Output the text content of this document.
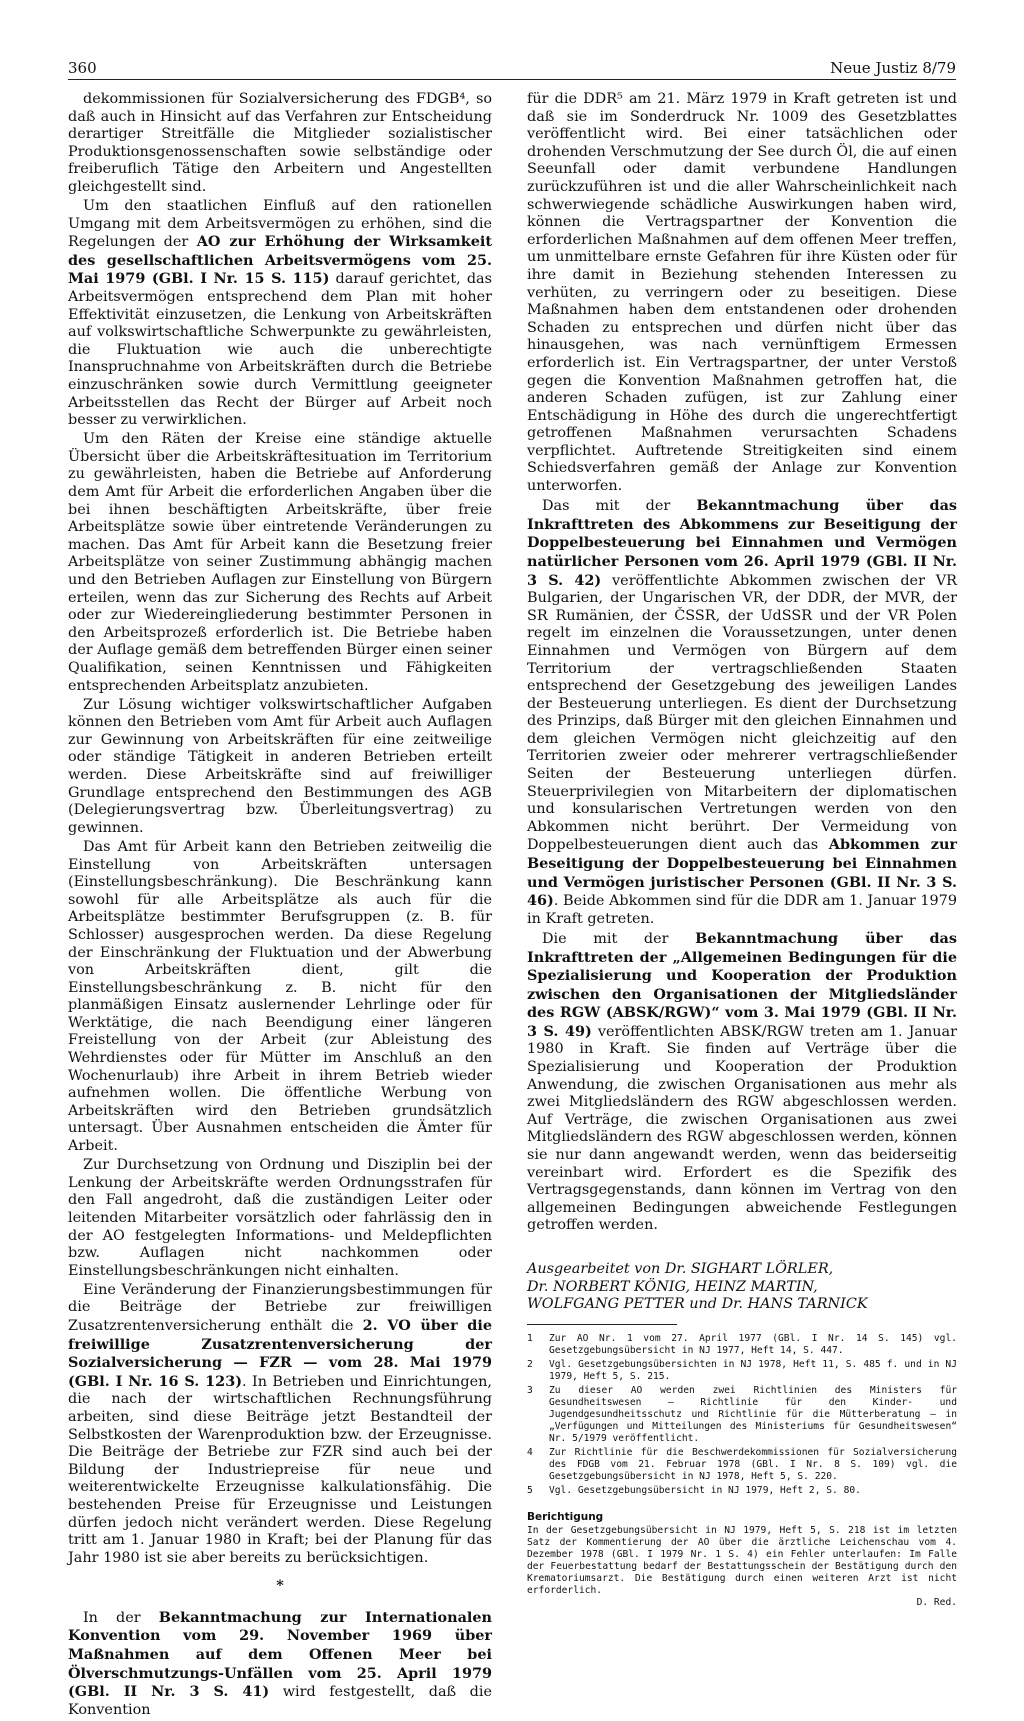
360	Neue Justiz 8/79

dekommissionen für Sozialversicherung des FDGB⁴, so daß auch in Hinsicht auf das Verfahren zur Entscheidung derartiger Streitfälle die Mitglieder sozialistischer Produktionsgenossenschaften sowie selbständige oder freiberuflich Tätige den Arbeitern und Angestellten gleichgestellt sind.

Um den staatlichen Einfluß auf den rationellen Umgang mit dem Arbeitsvermögen zu erhöhen, sind die Regelungen der AO zur Erhöhung der Wirksamkeit des gesellschaftlichen Arbeitsvermögens vom 25. Mai 1979 (GBl. I Nr. 15 S. 115) darauf gerichtet, das Arbeitsvermögen entsprechend dem Plan mit hoher Effektivität einzusetzen, die Lenkung von Arbeitskräften auf volkswirtschaftliche Schwerpunkte zu gewährleisten, die Fluktuation wie auch die unberechtigte Inanspruchnahme von Arbeitskräften durch die Betriebe einzuschränken sowie durch Vermittlung geeigneter Arbeitsstellen das Recht der Bürger auf Arbeit noch besser zu verwirklichen.

Um den Räten der Kreise eine ständige aktuelle Übersicht über die Arbeitskräftesituation im Territorium zu gewährleisten, haben die Betriebe auf Anforderung dem Amt für Arbeit die erforderlichen Angaben über die bei ihnen beschäftigten Arbeitskräfte, über freie Arbeitsplätze sowie über eintretende Veränderungen zu machen. Das Amt für Arbeit kann die Besetzung freier Arbeitsplätze von seiner Zustimmung abhängig machen und den Betrieben Auflagen zur Einstellung von Bürgern erteilen, wenn das zur Sicherung des Rechts auf Arbeit oder zur Wiedereingliederung bestimmter Personen in den Arbeitsprozeß erforderlich ist. Die Betriebe haben der Auflage gemäß dem betreffenden Bürger einen seiner Qualifikation, seinen Kenntnissen und Fähigkeiten entsprechenden Arbeitsplatz anzubieten.

Zur Lösung wichtiger volkswirtschaftlicher Aufgaben können den Betrieben vom Amt für Arbeit auch Auflagen zur Gewinnung von Arbeitskräften für eine zeitweilige oder ständige Tätigkeit in anderen Betrieben erteilt werden. Diese Arbeitskräfte sind auf freiwilliger Grundlage entsprechend den Bestimmungen des AGB (Delegierungsvertrag bzw. Überleitungsvertrag) zu gewinnen.

Das Amt für Arbeit kann den Betrieben zeitweilig die Einstellung von Arbeitskräften untersagen (Einstellungsbeschränkung). Die Beschränkung kann sowohl für alle Arbeitsplätze als auch für die Arbeitsplätze bestimmter Berufsgruppen (z. B. für Schlosser) ausgesprochen werden. Da diese Regelung der Einschränkung der Fluktuation und der Abwerbung von Arbeitskräften dient, gilt die Einstellungsbeschränkung z. B. nicht für den planmäßigen Einsatz auslernender Lehrlinge oder für Werktätige, die nach Beendigung einer längeren Freistellung von der Arbeit (zur Ableistung des Wehrdienstes oder für Mütter im Anschluß an den Wochenurlaub) ihre Arbeit in ihrem Betrieb wieder aufnehmen wollen. Die öffentliche Werbung von Arbeitskräften wird den Betrieben grundsätzlich untersagt. Über Ausnahmen entscheiden die Ämter für Arbeit.

Zur Durchsetzung von Ordnung und Disziplin bei der Lenkung der Arbeitskräfte werden Ordnungsstrafen für den Fall angedroht, daß die zuständigen Leiter oder leitenden Mitarbeiter vorsätzlich oder fahrlässig den in der AO festgelegten Informations- und Meldepflichten bzw. Auflagen nicht nachkommen oder Einstellungsbeschränkungen nicht einhalten.

Eine Veränderung der Finanzierungsbestimmungen für die Beiträge der Betriebe zur freiwilligen Zusatzrentenversicherung enthält die 2. VO über die freiwillige Zusatzrentenversicherung der Sozialversicherung — FZR — vom 28. Mai 1979 (GBl. I Nr. 16 S. 123). In Betrieben und Einrichtungen, die nach der wirtschaftlichen Rechnungsführung arbeiten, sind diese Beiträge jetzt Bestandteil der Selbstkosten der Warenproduktion bzw. der Erzeugnisse. Die Beiträge der Betriebe zur FZR sind auch bei der Bildung der Industriepreise für neue und weiterentwickelte Erzeugnisse kalkulationsfähig. Die bestehenden Preise für Erzeugnisse und Leistungen dürfen jedoch nicht verändert werden. Diese Regelung tritt am 1. Januar 1980 in Kraft; bei der Planung für das Jahr 1980 ist sie aber bereits zu berücksichtigen.

*

In der Bekanntmachung zur Internationalen Konvention vom 29. November 1969 über Maßnahmen auf dem Offenen Meer bei Ölverschmutzungs-Unfällen vom 25. April 1979 (GBl. II Nr. 3 S. 41) wird festgestellt, daß die Konvention

für die DDR⁵ am 21. März 1979 in Kraft getreten ist und daß sie im Sonderdruck Nr. 1009 des Gesetzblattes veröffentlicht wird. Bei einer tatsächlichen oder drohenden Verschmutzung der See durch Öl, die auf einen Seeunfall oder damit verbundene Handlungen zurückzuführen ist und die aller Wahrscheinlichkeit nach schwerwiegende schädliche Auswirkungen haben wird, können die Vertragspartner der Konvention die erforderlichen Maßnahmen auf dem offenen Meer treffen, um unmittelbare ernste Gefahren für ihre Küsten oder für ihre damit in Beziehung stehenden Interessen zu verhüten, zu verringern oder zu beseitigen. Diese Maßnahmen haben dem entstandenen oder drohenden Schaden zu entsprechen und dürfen nicht über das hinausgehen, was nach vernünftigem Ermessen erforderlich ist. Ein Vertragspartner, der unter Verstoß gegen die Konvention Maßnahmen getroffen hat, die anderen Schaden zufügen, ist zur Zahlung einer Entschädigung in Höhe des durch die ungerechtfertigt getroffenen Maßnahmen verursachten Schadens verpflichtet. Auftretende Streitigkeiten sind einem Schiedsverfahren gemäß der Anlage zur Konvention unterworfen.

Das mit der Bekanntmachung über das Inkrafttreten des Abkommens zur Beseitigung der Doppelbesteuerung bei Einnahmen und Vermögen natürlicher Personen vom 26. April 1979 (GBl. II Nr. 3 S. 42) veröffentlichte Abkommen zwischen der VR Bulgarien, der Ungarischen VR, der DDR, der MVR, der SR Rumänien, der ČSSR, der UdSSR und der VR Polen regelt im einzelnen die Voraussetzungen, unter denen Einnahmen und Vermögen von Bürgern auf dem Territorium der vertragschließenden Staaten entsprechend der Gesetzgebung des jeweiligen Landes der Besteuerung unterliegen. Es dient der Durchsetzung des Prinzips, daß Bürger mit den gleichen Einnahmen und dem gleichen Vermögen nicht gleichzeitig auf den Territorien zweier oder mehrerer vertragschließender Seiten der Besteuerung unterliegen dürfen. Steuerprivilegien von Mitarbeitern der diplomatischen und konsularischen Vertretungen werden von den Abkommen nicht berührt. Der Vermeidung von Doppelbesteuerungen dient auch das Abkommen zur Beseitigung der Doppelbesteuerung bei Einnahmen und Vermögen juristischer Personen (GBl. II Nr. 3 S. 46). Beide Abkommen sind für die DDR am 1. Januar 1979 in Kraft getreten.

Die mit der Bekanntmachung über das Inkrafttreten der „Allgemeinen Bedingungen für die Spezialisierung und Kooperation der Produktion zwischen den Organisationen der Mitgliedsländer des RGW (ABSK/RGW)“ vom 3. Mai 1979 (GBl. II Nr. 3 S. 49) veröffentlichten ABSK/RGW treten am 1. Januar 1980 in Kraft. Sie finden auf Verträge über die Spezialisierung und Kooperation der Produktion Anwendung, die zwischen Organisationen aus mehr als zwei Mitgliedsländern des RGW abgeschlossen werden. Auf Verträge, die zwischen Organisationen aus zwei Mitgliedsländern des RGW abgeschlossen werden, können sie nur dann angewandt werden, wenn das beiderseitig vereinbart wird. Erfordert es die Spezifik des Vertragsgegenstands, dann können im Vertrag von den allgemeinen Bedingungen abweichende Festlegungen getroffen werden.

Ausgearbeitet von Dr. SIGHART LÖRLER,

Dr. NORBERT KÖNIG, HEINZ MARTIN,

WOLFGANG PETTER und Dr. HANS TARNICK

1	Zur AO Nr. 1 vom 27. April 1977 (GBl. I Nr. 14 S. 145) vgl. Gesetzgebungsübersicht in NJ 1977, Heft 14, S. 447.
2	Vgl. Gesetzgebungsübersichten in NJ 1978, Heft 11, S. 485 f. und in NJ 1979, Heft 5, S. 215.
3	Zu dieser AO werden zwei Richtlinien des Ministers für Gesundheitswesen — Richtlinie für den Kinder- und Jugendgesundheitsschutz und Richtlinie für die Mütterberatung — in „Verfügungen und Mitteilungen des Ministeriums für Gesundheitswesen“ Nr. 5/1979 veröffentlicht.
4	Zur Richtlinie für die Beschwerdekommissionen für Sozialversicherung des FDGB vom 21. Februar 1978 (GBl. I Nr. 8 S. 109) vgl. die Gesetzgebungsübersicht in NJ 1978, Heft 5, S. 220.
5	Vgl. Gesetzgebungsübersicht in NJ 1979, Heft 2, S. 80.
Berichtigung
In der Gesetzgebungsübersicht in NJ 1979, Heft 5, S. 218 ist im letzten Satz der Kommentierung der AO über die ärztliche Leichenschau vom 4. Dezember 1978 (GBl. I 1979 Nr. 1 S. 4) ein Fehler unterlaufen: Im Falle der Feuerbestattung bedarf der Bestattungsschein der Bestätigung durch den Krematoriumsarzt. Die Bestätigung durch einen weiteren Arzt ist nicht erforderlich.
D. Red.
